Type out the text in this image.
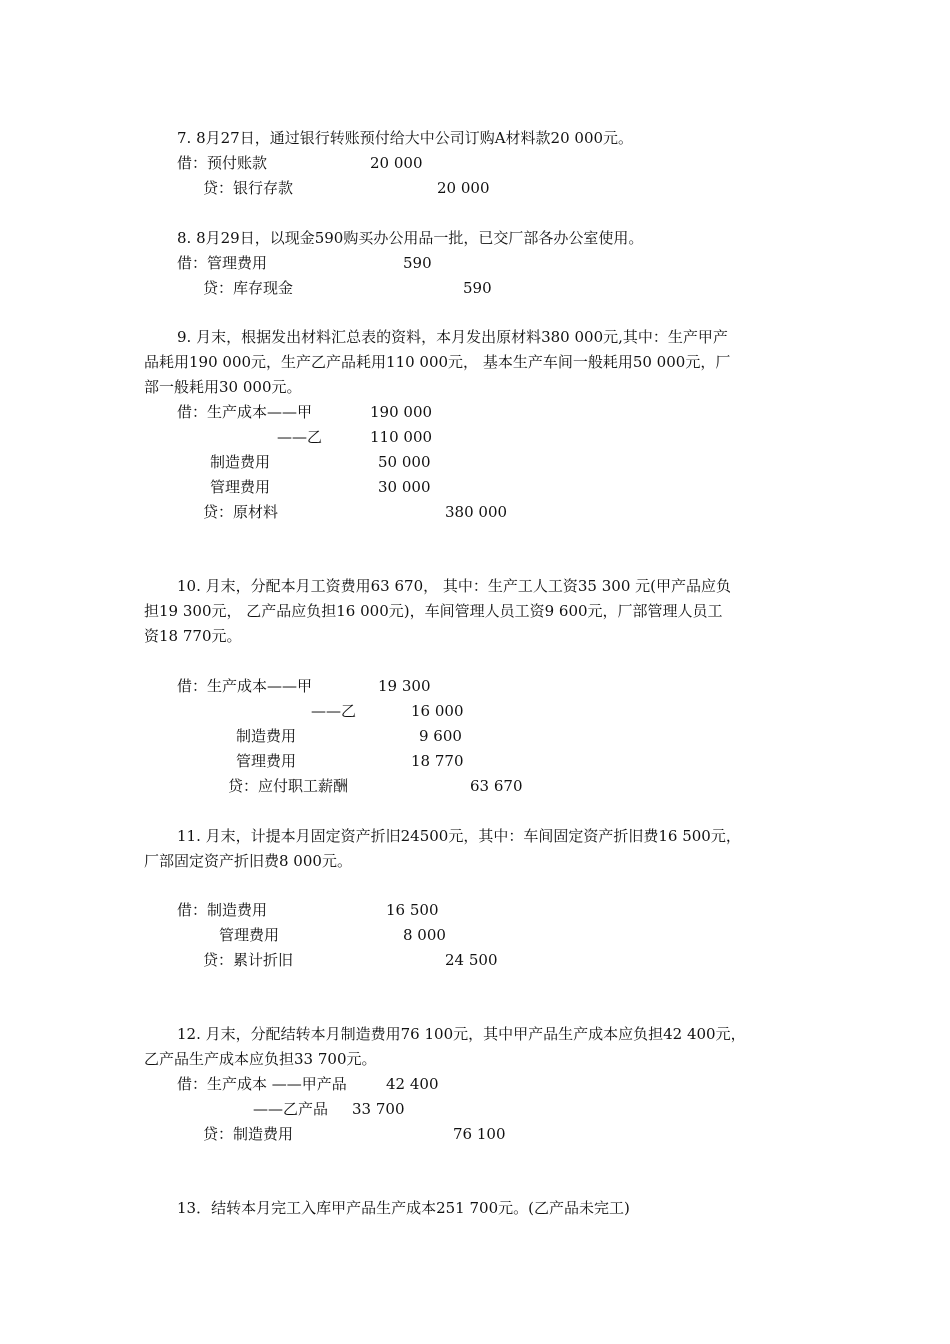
7. 8月27日，通过银行转账预付给大中公司订购A材料款20 000元。
借：预付账款	20 000
贷：银行存款	20 000
8. 8月29日，以现金590购买办公用品一批，已交厂部各办公室使用。
借：管理费用	590
贷：库存现金	590
9. 月末，根据发出材料汇总表的资料，本月发出原材料380 000元,其中：生产甲产
品耗用190 000元，生产乙产品耗用110 000元， 基本生产车间一般耗用50 000元，厂
部一般耗用30 000元。
借：生产成本——甲	190 000
——乙	110 000
制造费用	50 000
管理费用	30 000
贷：原材料	380 000
10. 月末，分配本月工资费用63 670， 其中：生产工人工资35 300 元(甲产品应负
担19 300元， 乙产品应负担16 000元)，车间管理人员工资9 600元，厂部管理人员工
资18 770元。
借：生产成本——甲	19 300
——乙	16 000
制造费用	9 600
管理费用	18 770
贷：应付职工薪酬	63 670
11. 月末，计提本月固定资产折旧24500元，其中：车间固定资产折旧费16 500元，
厂部固定资产折旧费8 000元。
借：制造费用	16 500
管理费用	8 000
贷：累计折旧	24 500
12. 月末，分配结转本月制造费用76 100元，其中甲产品生产成本应负担42 400元，
乙产品生产成本应负担33 700元。
借：生产成本 ——甲产品	42 400
——乙产品 33 700
贷：制造费用	76 100
13．结转本月完工入库甲产品生产成本251 700元。(乙产品未完工)
